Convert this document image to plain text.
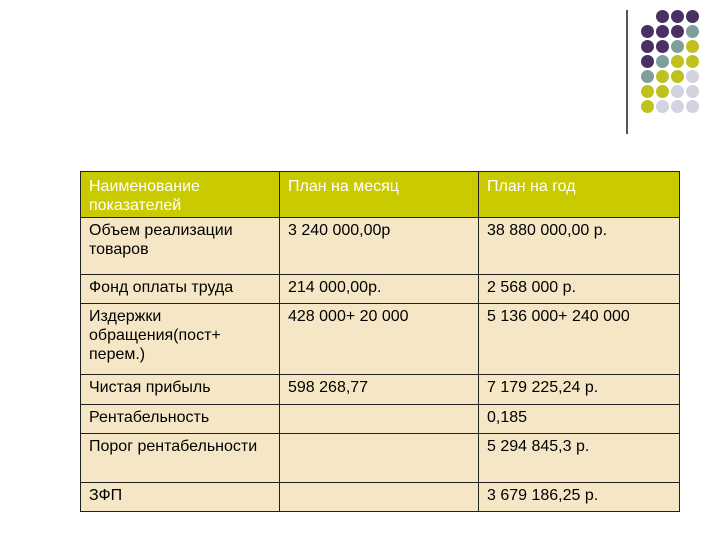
Наименование показателей	План на месяц	План на год
Объем реализации товаров	3 240 000,00р	38 880 000,00 р.
Фонд оплаты труда	214 000,00р.	2 568 000 р.
Издержки обращения(пост+ перем.)	428 000+ 20 000	5 136 000+ 240 000
Чистая прибыль	598 268,77	7 179 225,24 р.
Рентабельность		0,185
Порог рентабельности		5 294 845,3 р.
ЗФП		3 679 186,25 р.
